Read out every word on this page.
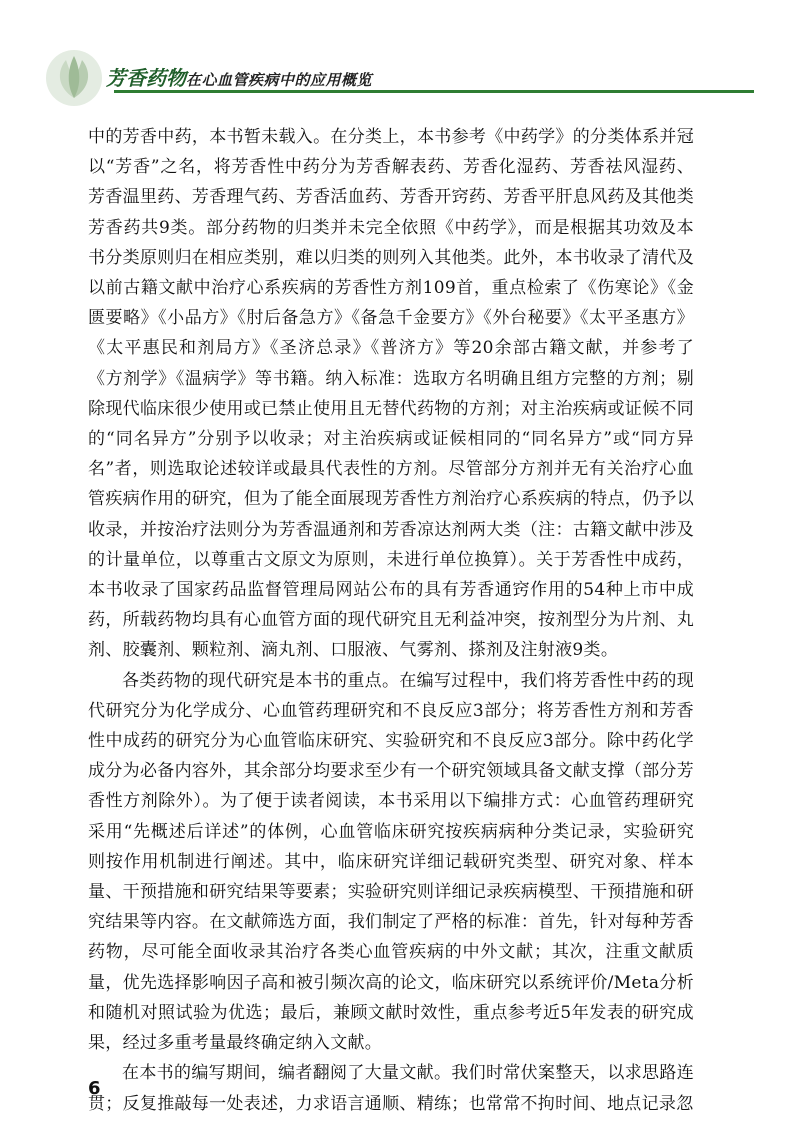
芳香药物在心血管疾病中的应用概览

中的芳香中药，本书暂未载入。在分类上，本书参考《中药学》的分类体系并冠以“芳香”之名，将芳香性中药分为芳香解表药、芳香化湿药、芳香祛风湿药、芳香温里药、芳香理气药、芳香活血药、芳香开窍药、芳香平肝息风药及其他类芳香药共9类。部分药物的归类并未完全依照《中药学》，而是根据其功效及本书分类原则归在相应类别，难以归类的则列入其他类。此外，本书收录了清代及以前古籍文献中治疗心系疾病的芳香性方剂109首，重点检索了《伤寒论》《金匮要略》《小品方》《肘后备急方》《备急千金要方》《外台秘要》《太平圣惠方》《太平惠民和剂局方》《圣济总录》《普济方》等20余部古籍文献，并参考了《方剂学》《温病学》等书籍。纳入标准：选取方名明确且组方完整的方剂；剔除现代临床很少使用或已禁止使用且无替代药物的方剂；对主治疾病或证候不同的“同名异方”分别予以收录；对主治疾病或证候相同的“同名异方”或“同方异名”者，则选取论述较详或最具代表性的方剂。尽管部分方剂并无有关治疗心血管疾病作用的研究，但为了能全面展现芳香性方剂治疗心系疾病的特点，仍予以收录，并按治疗法则分为芳香温通剂和芳香凉达剂两大类（注：古籍文献中涉及的计量单位，以尊重古文原文为原则，未进行单位换算）。关于芳香性中成药，本书收录了国家药品监督管理局网站公布的具有芳香通窍作用的54种上市中成药，所载药物均具有心血管方面的现代研究且无利益冲突，按剂型分为片剂、丸剂、胶囊剂、颗粒剂、滴丸剂、口服液、气雾剂、搽剂及注射液9类。

各类药物的现代研究是本书的重点。在编写过程中，我们将芳香性中药的现代研究分为化学成分、心血管药理研究和不良反应3部分；将芳香性方剂和芳香性中成药的研究分为心血管临床研究、实验研究和不良反应3部分。除中药化学成分为必备内容外，其余部分均要求至少有一个研究领域具备文献支撑（部分芳香性方剂除外）。为了便于读者阅读，本书采用以下编排方式：心血管药理研究采用“先概述后详述”的体例，心血管临床研究按疾病病种分类记录，实验研究则按作用机制进行阐述。其中，临床研究详细记载研究类型、研究对象、样本量、干预措施和研究结果等要素；实验研究则详细记录疾病模型、干预措施和研究结果等内容。在文献筛选方面，我们制定了严格的标准：首先，针对每种芳香药物，尽可能全面收录其治疗各类心血管疾病的中外文献；其次，注重文献质量，优先选择影响因子高和被引频次高的论文，临床研究以系统评价/Meta分析和随机对照试验为优选；最后，兼顾文献时效性，重点参考近5年发表的研究成果，经过多重考量最终确定纳入文献。

在本书的编写期间，编者翻阅了大量文献。我们时常伏案整天，以求思路连贯；反复推敲每一处表述，力求语言通顺、精练；也常常不拘时间、地点记录忽

6
